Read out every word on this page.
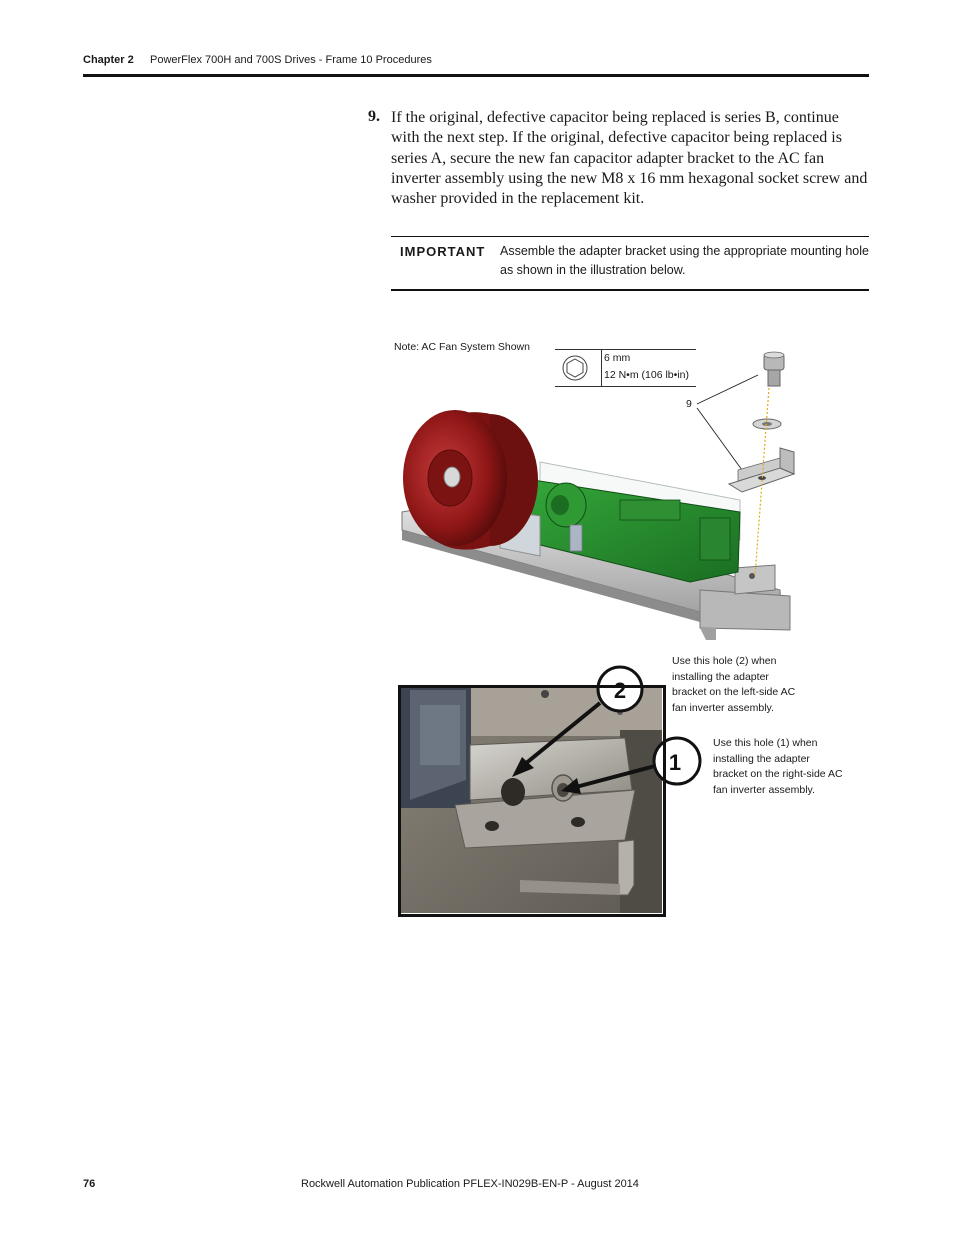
Chapter 2 PowerFlex 700H and 700S Drives - Frame 10 Procedures
9. If the original, defective capacitor being replaced is series B, continue with the next step. If the original, defective capacitor being replaced is series A, secure the new fan capacitor adapter bracket to the AC fan inverter assembly using the new M8 x 16 mm hexagonal socket screw and washer provided in the replacement kit.
IMPORTANT Assemble the adapter bracket using the appropriate mounting hole as shown in the illustration below.
Note: AC Fan System Shown
6 mm
12 N•m (106 lb•in)
9
2
1
Use this hole (2) when installing the adapter bracket on the left-side AC fan inverter assembly.
Use this hole (1) when installing the adapter bracket on the right-side AC fan inverter assembly.
76	Rockwell Automation Publication PFLEX-IN029B-EN-P - August 2014
